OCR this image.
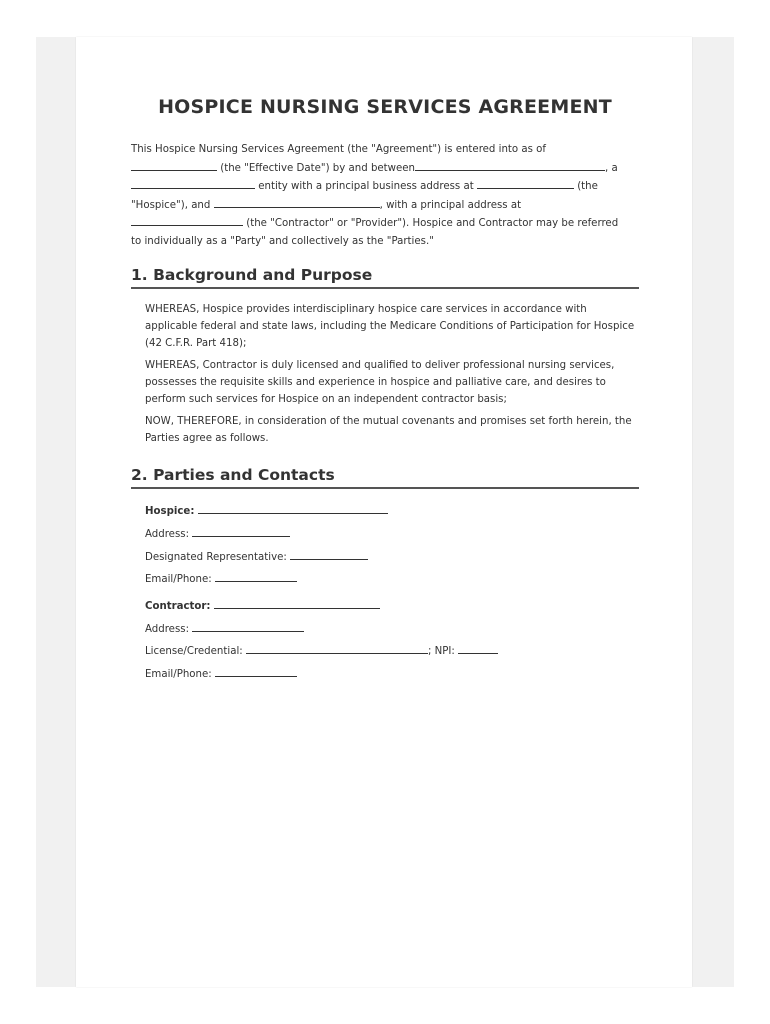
HOSPICE NURSING SERVICES AGREEMENT
This Hospice Nursing Services Agreement (the "Agreement") is entered into as of
(the "Effective Date") by and between	, a
entity with a principal business address at	(the
"Hospice"), and	, with a principal address at
(the "Contractor" or "Provider"). Hospice and Contractor may be referred
to individually as a "Party" and collectively as the "Parties."
1. Background and Purpose
WHEREAS, Hospice provides interdisciplinary hospice care services in accordance with applicable federal and state laws, including the Medicare Conditions of Participation for Hospice (42 C.F.R. Part 418);
WHEREAS, Contractor is duly licensed and qualified to deliver professional nursing services, possesses the requisite skills and experience in hospice and palliative care, and desires to perform such services for Hospice on an independent contractor basis;
NOW, THEREFORE, in consideration of the mutual covenants and promises set forth herein, the Parties agree as follows.
2. Parties and Contacts
Hospice:
Address:
Designated Representative:
Email/Phone:
Contractor:
Address:
License/Credential:	; NPI:
Email/Phone:
